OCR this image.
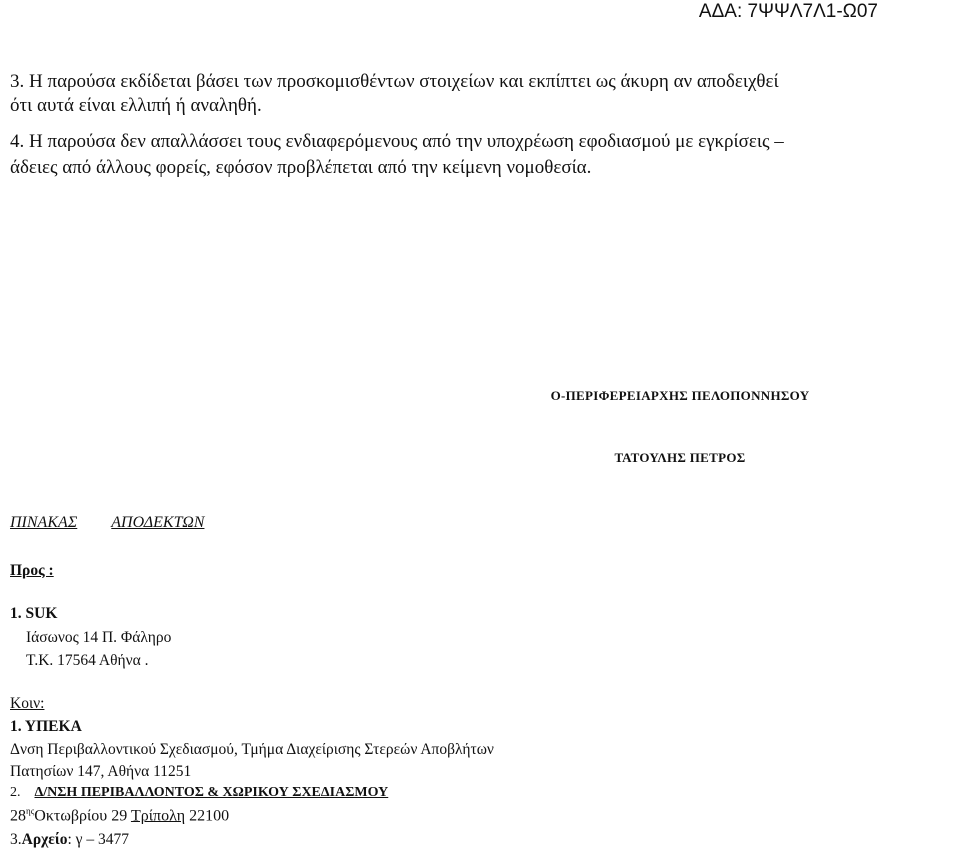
ΑΔΑ: 7ΨΨΛ7Λ1-Ω07
3. Η παρούσα εκδίδεται βάσει των προσκομισθέντων στοιχείων και εκπίπτει ως άκυρη αν αποδειχθεί
ότι αυτά είναι ελλιπή ή αναληθή.
4. Η παρούσα δεν απαλλάσσει τους ενδιαφερόμενους από την υποχρέωση εφοδιασμού με εγκρίσεις –
άδειες από άλλους φορείς, εφόσον προβλέπεται από την κείμενη νομοθεσία.
Ο-ΠΕΡΙΦΕΡΕΙΑΡΧΗΣ ΠΕΛΟΠΟΝΝΗΣΟΥ
ΤΑΤΟΥΛΗΣ ΠΕΤΡΟΣ
ΠΙΝΑΚΑΣ ΑΠΟΔΕΚΤΩΝ
Προς :
1. SUK
Ιάσωνος 14 Π. Φάληρο
Τ.Κ. 17564 Αθήνα .
Κοιν:
1. ΥΠΕΚΑ
Δνση Περιβαλλοντικού Σχεδιασμού, Τμήμα Διαχείρισης Στερεών Αποβλήτων
Πατησίων 147, Αθήνα 11251
2. Δ/ΝΣΗ ΠΕΡΙΒΑΛΛΟΝΤΟΣ & ΧΩΡΙΚΟΥ ΣΧΕΔΙΑΣΜΟΥ
$28^{\eta\varsigma}O\kappa\tau\omega\beta\rho ίo\upsilon$ 29 Τρίπολη 22100
3.Αρχείο: γ – 3477
